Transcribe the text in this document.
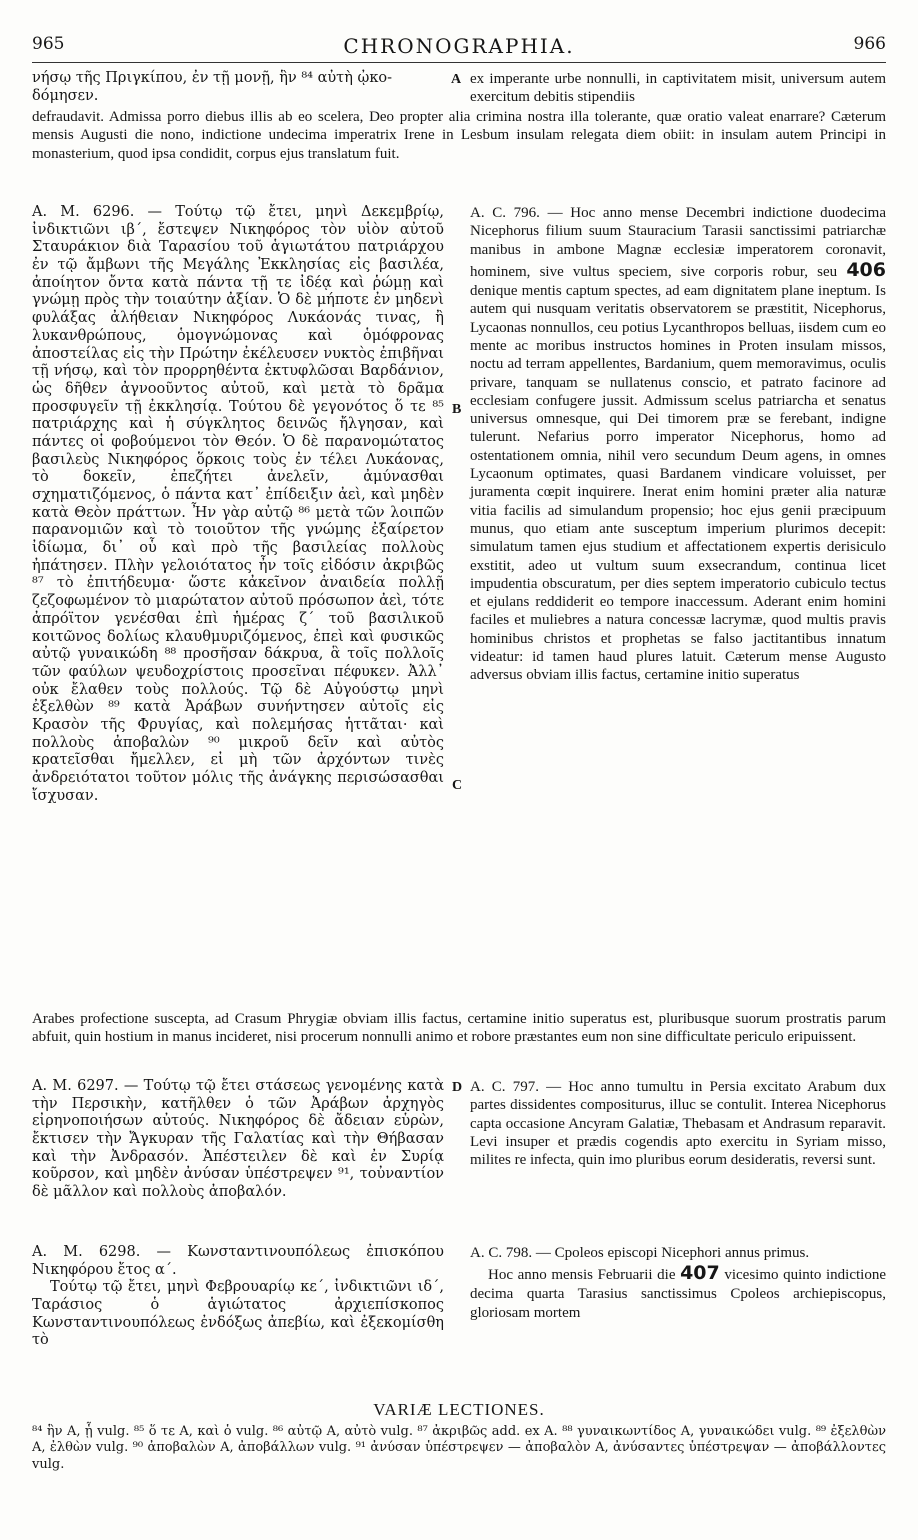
965	CHRONOGRAPHIA.	966

νήσῳ τῆς Πριγκίπου, ἐν τῇ μονῇ, ἣν ⁸⁴ αὐτὴ ᾠκο-

δόμησεν.

A ex imperante urbe nonnulli, in captivitatem misit, universum autem exercitum debitis stipendiis
defraudavit. Admissa porro diebus illis ab eo scelera, Deo propter alia crimina nostra illa tolerante, quæ oratio valeat enarrare? Cæterum mensis Augusti die nono, indictione undecima imperatrix Irene in Lesbum insulam relegata diem obiit: in insulam autem Principi in monasterium, quod ipsa condidit, corpus ejus translatum fuit.
A. M. 6296. — Τούτῳ τῷ ἔτει, μηνὶ Δεκεμβρίῳ, ἰνδικτιῶνι ιβ΄, ἔστεψεν Νικηφόρος τὸν υἱὸν αὐτοῦ Σταυράκιον διὰ Ταρασίου τοῦ ἁγιωτάτου πατριάρχου ἐν τῷ ἄμβωνι τῆς Μεγάλης Ἐκκλησίας εἰς βασιλέα, ἀποίητον ὄντα κατὰ πάντα τῇ τε ἰδέᾳ καὶ ῥώμῃ καὶ γνώμῃ πρὸς τὴν τοιαύτην ἀξίαν. Ὁ δὲ μήποτε ἐν μηδενὶ φυλάξας ἀλήθειαν Νικηφόρος Λυκάονάς τινας, ἢ λυκανθρώπους, ὁμογνώμονας καὶ ὁμόφρονας ἀποστείλας εἰς τὴν Πρώτην ἐκέλευσεν νυκτὸς ἐπιβῆναι τῇ νήσῳ, καὶ τὸν προρρηθέντα ἐκτυφλῶσαι Βαρδάνιον, ὡς δῆθεν ἀγνοοῦντος αὐτοῦ, καὶ μετὰ τὸ δρᾶμα προσφυγεῖν τῇ ἐκκλησίᾳ. Τούτου δὲ γεγονότος ὅ τε ⁸⁵ πατριάρχης καὶ ἡ σύγκλητος δεινῶς ἤλγησαν, καὶ πάντες οἱ φοβούμενοι τὸν Θεόν. Ὁ δὲ παρανομώτατος βασιλεὺς Νικηφόρος ὅρκοις τοὺς ἐν τέλει Λυκάονας, τὸ δοκεῖν, ἐπεζήτει ἀνελεῖν, ἀμύνασθαι σχηματιζόμενος, ὁ πάντα κατ᾽ ἐπίδειξιν ἀεὶ, καὶ μηδὲν κατὰ Θεὸν πράττων. Ἦν γὰρ αὐτῷ ⁸⁶ μετὰ τῶν λοιπῶν παρανομιῶν καὶ τὸ τοιοῦτον τῆς γνώμης ἐξαίρετον ἰδίωμα, δι᾽ οὗ καὶ πρὸ τῆς βασιλείας πολλοὺς ἠπάτησεν. Πλὴν γελοιότατος ἦν τοῖς εἰδόσιν ἀκριβῶς ⁸⁷ τὸ ἐπιτήδευμα· ὥστε κἀκεῖνον ἀναιδεία πολλῇ ζεζοφωμένον τὸ μιαρώτατον αὐτοῦ πρόσωπον ἀεὶ, τότε ἀπρόϊτον γενέσθαι ἐπὶ ἡμέρας ζ΄ τοῦ βασιλικοῦ κοιτῶνος δολίως κλαυθμυριζόμενος, ἐπεὶ καὶ φυσικῶς αὐτῷ γυναικώδη ⁸⁸ προσῆσαν δάκρυα, ἃ τοῖς πολλοῖς τῶν φαύλων ψευδοχρίστοις προσεῖναι πέφυκεν. Ἀλλ᾽ οὐκ ἔλαθεν τοὺς πολλούς. Τῷ δὲ Αὐγούστῳ μηνὶ ἐξελθὼν ⁸⁹ κατὰ Ἀράβων συνήντησεν αὐτοῖς εἰς Κρασὸν τῆς Φρυγίας, καὶ πολεμήσας ἡττᾶται· καὶ πολλοὺς ἀποβαλὼν ⁹⁰ μικροῦ δεῖν καὶ αὐτὸς κρατεῖσθαι ἤμελλεν, εἰ μὴ τῶν ἀρχόντων τινὲς ἀνδρειότατοι τοῦτον μόλις τῆς ἀνάγκης περισώσασθαι ἴσχυσαν.
B
C
A. C. 796. — Hoc anno mense Decembri indictione duodecima Nicephorus filium suum Stauracium Tarasii sanctissimi patriarchæ manibus in ambone Magnæ ecclesiæ imperatorem coronavit, hominem, sive vultus speciem, sive corporis robur, seu 406 denique mentis captum spectes, ad eam dignitatem plane ineptum. Is autem qui nusquam veritatis observatorem se præstitit, Nicephorus, Lycaonas nonnullos, ceu potius Lycanthropos belluas, iisdem cum eo mente ac moribus instructos homines in Proten insulam missos, noctu ad terram appellentes, Bardanium, quem memoravimus, oculis privare, tanquam se nullatenus conscio, et patrato facinore ad ecclesiam confugere jussit. Admissum scelus patriarcha et senatus universus omnesque, qui Dei timorem præ se ferebant, indigne tulerunt. Nefarius porro imperator Nicephorus, homo ad ostentationem omnia, nihil vero secundum Deum agens, in omnes Lycaonum optimates, quasi Bardanem vindicare voluisset, per juramenta cœpit inquirere. Inerat enim homini præter alia naturæ vitia facilis ad simulandum propensio; hoc ejus genii præcipuum munus, quo etiam ante susceptum imperium plurimos decepit: simulatum tamen ejus studium et affectationem expertis derisiculo exstitit, adeo ut vultum suum exsecrandum, continua licet impudentia obscuratum, per dies septem imperatorio cubiculo tectus et ejulans reddiderit eo tempore inaccessum. Aderant enim homini faciles et muliebres a natura concessæ lacrymæ, quod multis pravis hominibus christos et prophetas se falso jactitantibus innatum videatur: id tamen haud plures latuit. Cæterum mense Augusto adversus obviam illis factus, certamine initio superatus
Arabes profectione suscepta, ad Crasum Phrygiæ obviam illis factus, certamine initio superatus est, pluribusque suorum prostratis parum abfuit, quin hostium in manus incideret, nisi procerum nonnulli animo et robore præstantes eum non sine difficultate periculo eripuissent.
A. M. 6297. — Τούτῳ τῷ ἔτει στάσεως γενομένης κατὰ τὴν Περσικὴν, κατῆλθεν ὁ τῶν Ἀράβων ἀρχηγὸς εἰρηνοποιήσων αὐτούς. Νικηφόρος δὲ ἄδειαν εὑρὼν, ἔκτισεν τὴν Ἄγκυραν τῆς Γαλατίας καὶ τὴν Θήβασαν καὶ τὴν Ἀνδρασόν. Ἀπέστειλεν δὲ καὶ ἐν Συρίᾳ κοῦρσον, καὶ μηδὲν ἀνύσαν ὑπέστρεψεν ⁹¹, τοὐναντίον δὲ μᾶλλον καὶ πολλοὺς ἀποβαλόν.
D A. C. 797. — Hoc anno tumultu in Persia excitato Arabum dux partes dissidentes compositurus, illuc se contulit. Interea Nicephorus capta occasione Ancyram Galatiæ, Thebasam et Andrasum reparavit. Levi insuper et prædis cogendis apto exercitu in Syriam misso, milites re infecta, quin imo pluribus eorum desideratis, reversi sunt.

A. M. 6298. — Κωνσταντινουπόλεως ἐπισκόπου Νικηφόρου ἔτος α΄.

Τούτῳ τῷ ἔτει, μηνὶ Φεβρουαρίῳ κε΄, ἰνδικτιῶνι ιδ΄, Ταράσιος ὁ ἁγιώτατος ἀρχιεπίσκοπος Κωνσταντινουπόλεως ἐνδόξως ἀπεβίω, καὶ ἐξεκομίσθη τὸ

A. C. 798. — Cpoleos episcopi Nicephori annus primus.

Hoc anno mensis Februarii die 407 vicesimo quinto indictione decima quarta Tarasius sanctissimus Cpoleos archiepiscopus, gloriosam mortem

VARIÆ LECTIONES.
⁸⁴ ἣν A, ᾗ vulg. ⁸⁵ ὅ τε A, καὶ ὁ vulg. ⁸⁶ αὐτῷ A, αὐτὸ vulg. ⁸⁷ ἀκριβῶς add. ex A. ⁸⁸ γυναικωντίδος A, γυναικώδει vulg. ⁸⁹ ἐξελθὼν A, ἐλθὼν vulg. ⁹⁰ ἀποβαλὼν A, ἀποβάλλων vulg. ⁹¹ ἀνύσαν ὑπέστρεψεν — ἀποβαλὸν A, ἀνύσαντες ὑπέστρεψαν — ἀποβάλλοντες vulg.
